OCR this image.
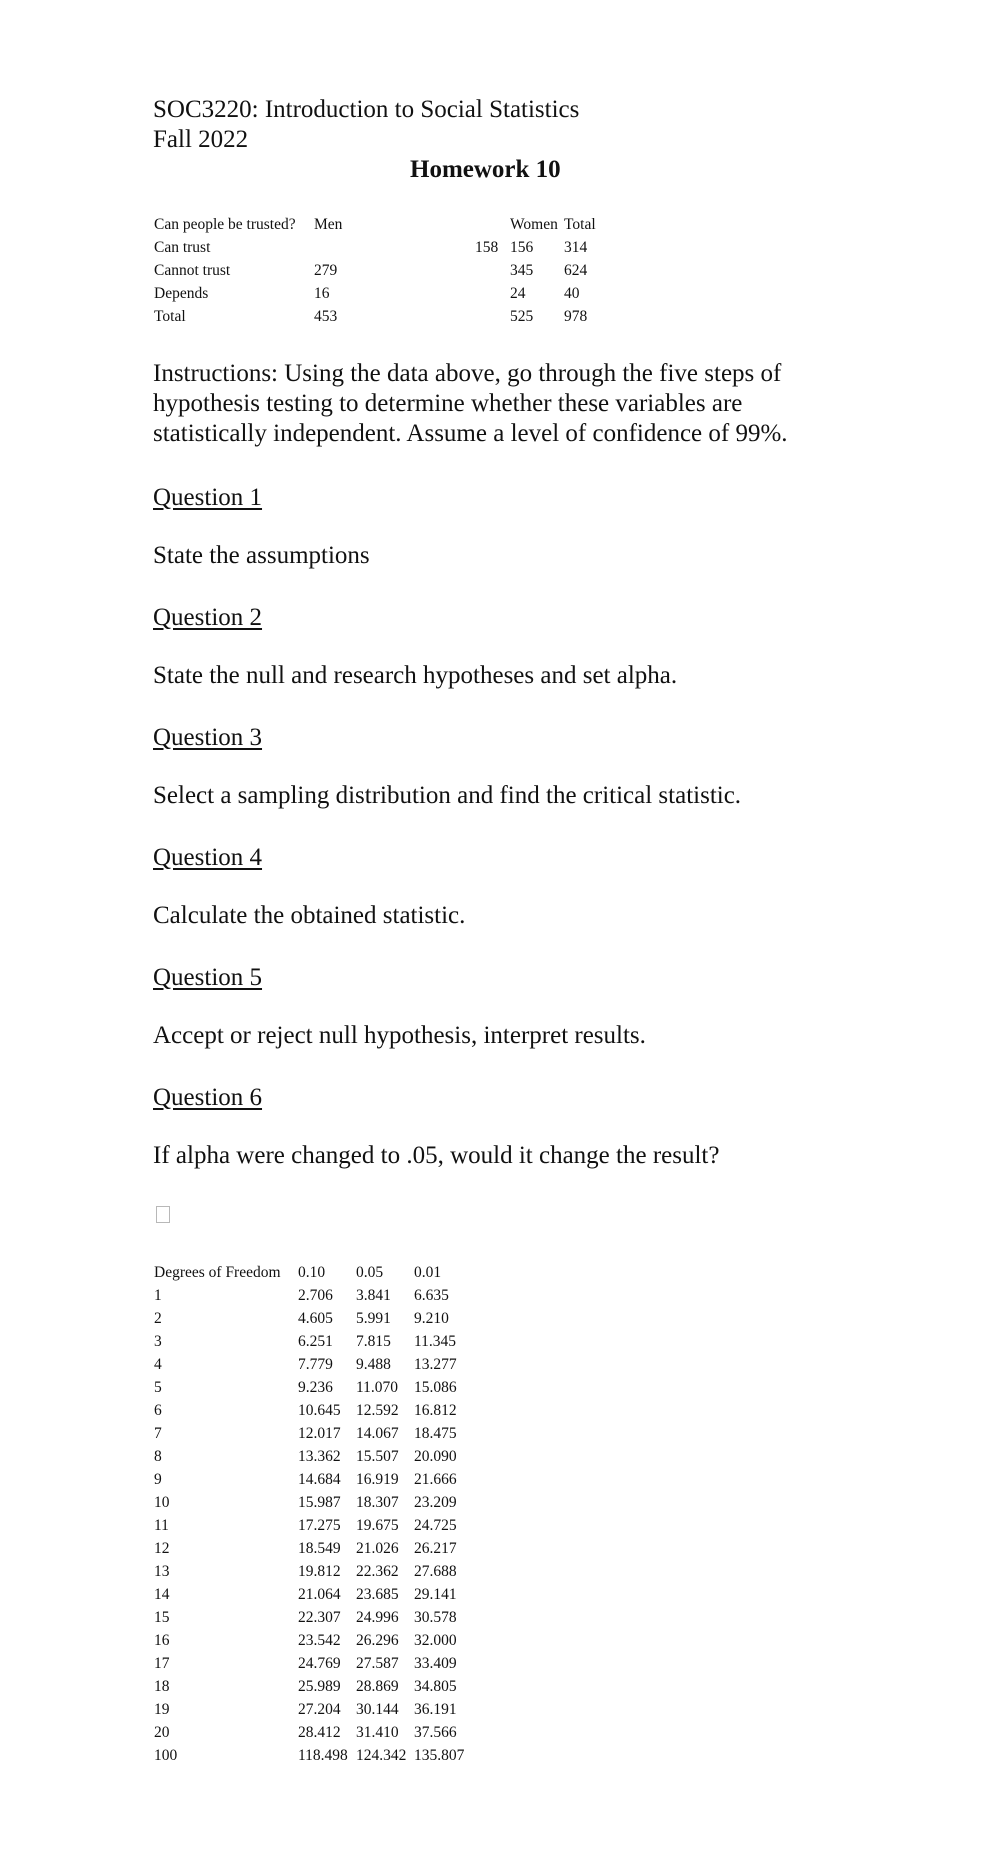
SOC3220: Introduction to Social Statistics
Fall 2022
Homework 10
Can people be trusted?	Men	Women	Total
Can trust	158	156	314
Cannot trust	279	345	624
Depends	16	24	40
Total	453	525	978
Instructions: Using the data above, go through the five steps of hypothesis testing to determine whether these variables are statistically independent. Assume a level of confidence of 99%.
Question 1
State the assumptions
Question 2
State the null and research hypotheses and set alpha.
Question 3
Select a sampling distribution and find the critical statistic.
Question 4
Calculate the obtained statistic.
Question 5
Accept or reject null hypothesis, interpret results.
Question 6
If alpha were changed to .05, would it change the result?
Degrees of Freedom	0.10	0.05	0.01
1	2.706	3.841	6.635
2	4.605	5.991	9.210
3	6.251	7.815	11.345
4	7.779	9.488	13.277
5	9.236	11.070	15.086
6	10.645	12.592	16.812
7	12.017	14.067	18.475
8	13.362	15.507	20.090
9	14.684	16.919	21.666
10	15.987	18.307	23.209
11	17.275	19.675	24.725
12	18.549	21.026	26.217
13	19.812	22.362	27.688
14	21.064	23.685	29.141
15	22.307	24.996	30.578
16	23.542	26.296	32.000
17	24.769	27.587	33.409
18	25.989	28.869	34.805
19	27.204	30.144	36.191
20	28.412	31.410	37.566
100	118.498	124.342	135.807
